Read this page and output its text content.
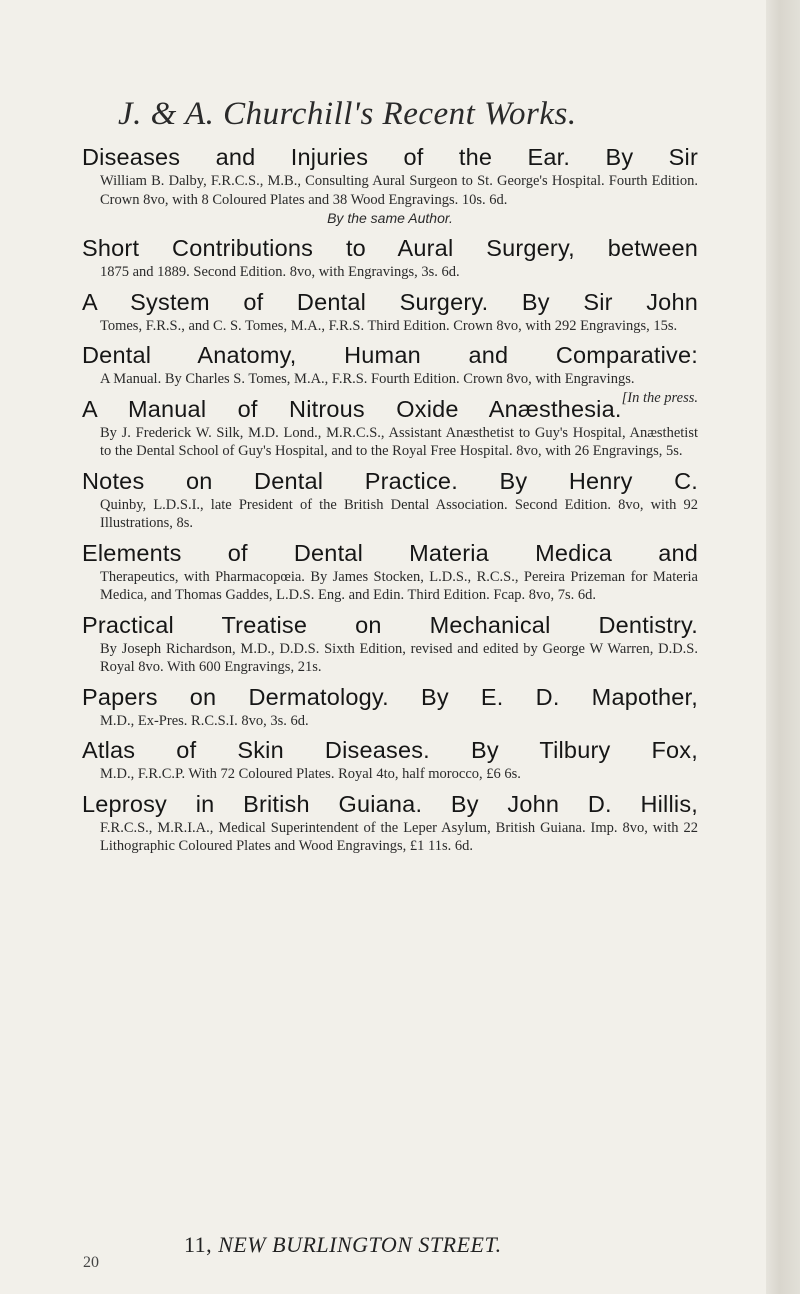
J. & A. Churchill's Recent Works.
Diseases and Injuries of the Ear. By Sir
William B. Dalby, F.R.C.S., M.B., Consulting Aural Surgeon to St. George's Hospital. Fourth Edition. Crown 8vo, with 8 Coloured Plates and 38 Wood Engravings. 10s. 6d.
By the same Author.
Short Contributions to Aural Surgery, between
1875 and 1889. Second Edition. 8vo, with Engravings, 3s. 6d.
A System of Dental Surgery. By Sir John
Tomes, F.R.S., and C. S. Tomes, M.A., F.R.S. Third Edition. Crown 8vo, with 292 Engravings, 15s.
Dental Anatomy, Human and Comparative:
A Manual. By Charles S. Tomes, M.A., F.R.S. Fourth Edition. Crown 8vo, with Engravings.
[In the press.
A Manual of Nitrous Oxide Anæsthesia.
By J. Frederick W. Silk, M.D. Lond., M.R.C.S., Assistant Anæsthetist to Guy's Hospital, Anæsthetist to the Dental School of Guy's Hospital, and to the Royal Free Hospital. 8vo, with 26 Engravings, 5s.
Notes on Dental Practice. By Henry C.
Quinby, L.D.S.I., late President of the British Dental Association. Second Edition. 8vo, with 92 Illustrations, 8s.
Elements of Dental Materia Medica and
Therapeutics, with Pharmacopœia. By James Stocken, L.D.S., R.C.S., Pereira Prizeman for Materia Medica, and Thomas Gaddes, L.D.S. Eng. and Edin. Third Edition. Fcap. 8vo, 7s. 6d.
Practical Treatise on Mechanical Dentistry.
By Joseph Richardson, M.D., D.D.S. Sixth Edition, revised and edited by George W Warren, D.D.S. Royal 8vo. With 600 Engravings, 21s.
Papers on Dermatology. By E. D. Mapother,
M.D., Ex-Pres. R.C.S.I. 8vo, 3s. 6d.
Atlas of Skin Diseases. By Tilbury Fox,
M.D., F.R.C.P. With 72 Coloured Plates. Royal 4to, half morocco, £6 6s.
Leprosy in British Guiana. By John D. Hillis,
F.R.C.S., M.R.I.A., Medical Superintendent of the Leper Asylum, British Guiana. Imp. 8vo, with 22 Lithographic Coloured Plates and Wood Engravings, £1 11s. 6d.
11, NEW BURLINGTON STREET.
20
